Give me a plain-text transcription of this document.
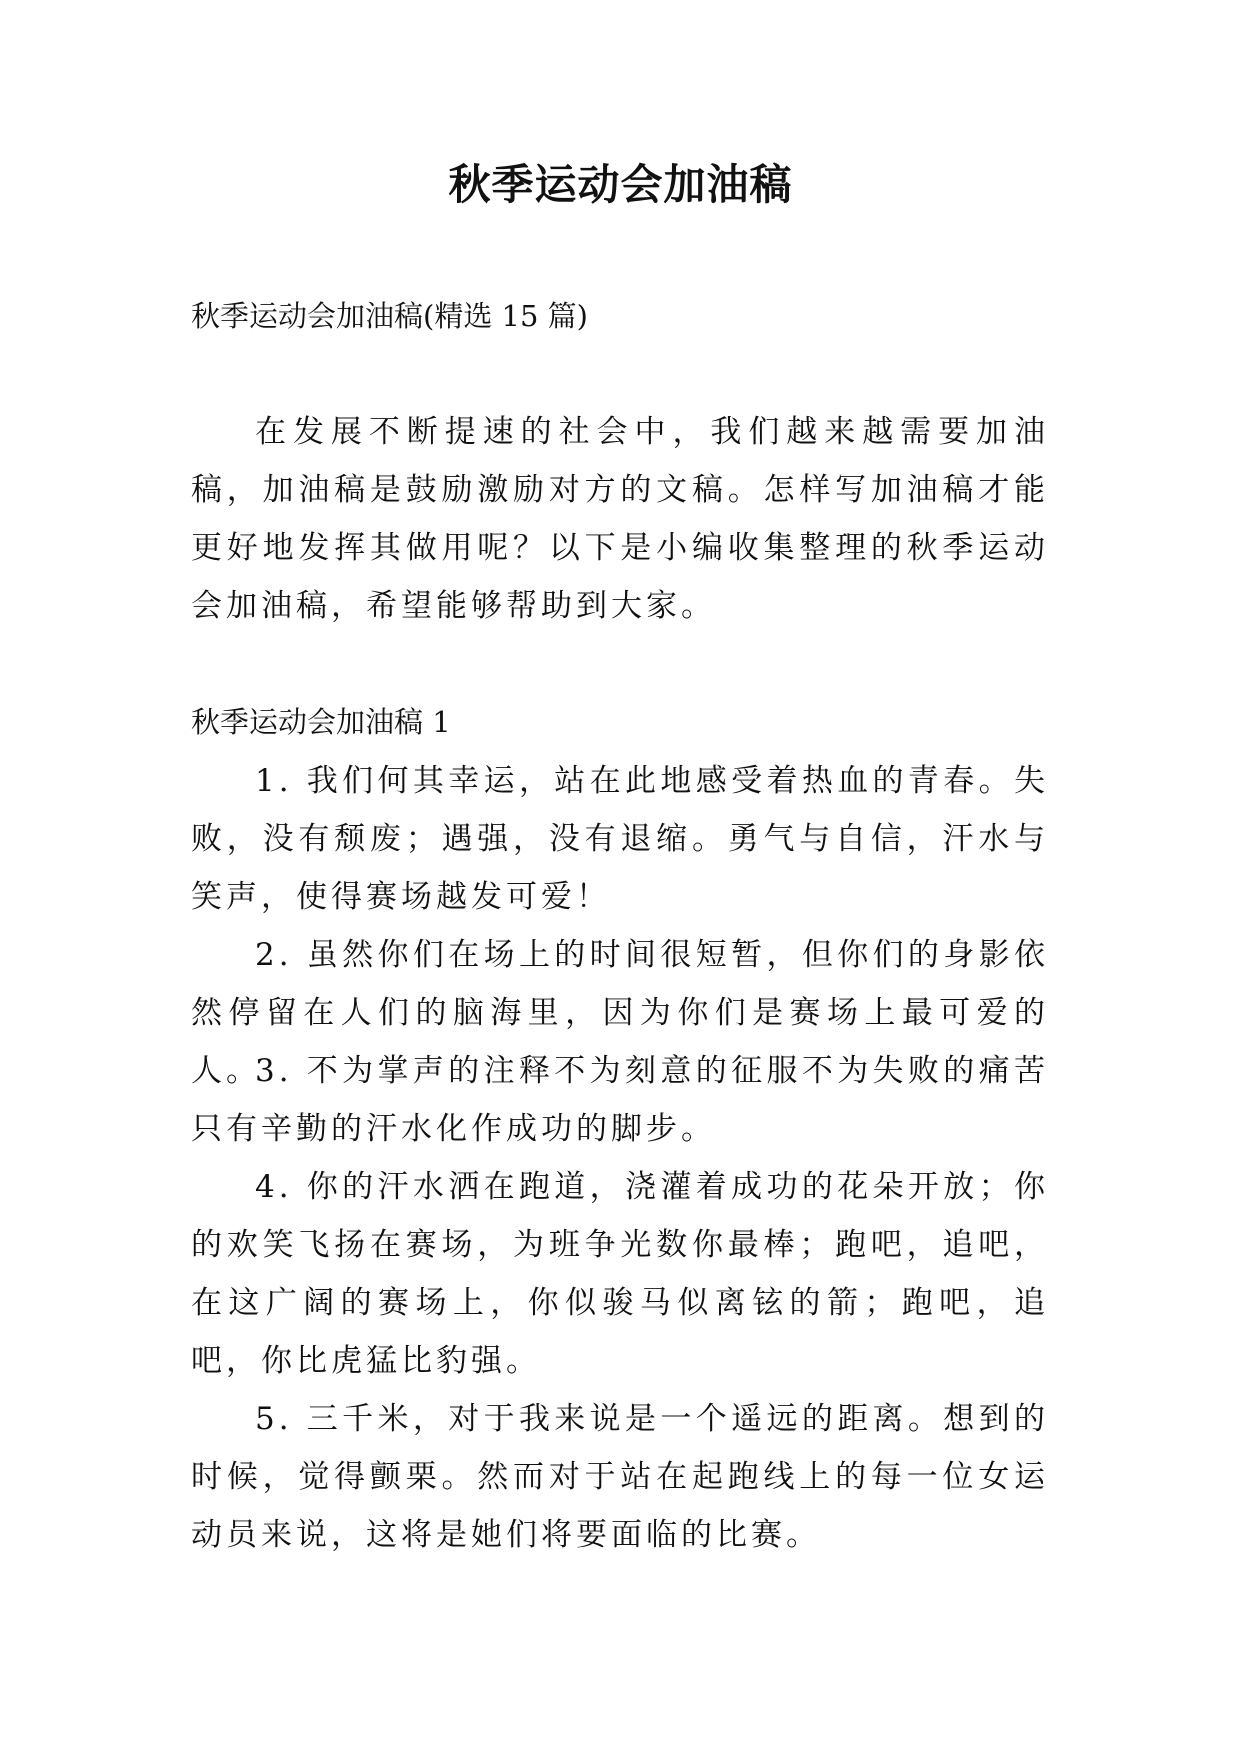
秋季运动会加油稿
秋季运动会加油稿(精选 15 篇)

在发展不断提速的社会中，我们越来越需要加油稿，加油稿是鼓励激励对方的文稿。怎样写加油稿才能更好地发挥其做用呢？以下是小编收集整理的秋季运动会加油稿，希望能够帮助到大家。

秋季运动会加油稿 1

1. 我们何其幸运，站在此地感受着热血的青春。失败，没有颓废；遇强，没有退缩。勇气与自信，汗水与笑声，使得赛场越发可爱！

2. 虽然你们在场上的时间很短暂，但你们的身影依然停留在人们的脑海里，因为你们是赛场上最可爱的人。

3. 不为掌声的注释不为刻意的征服不为失败的痛苦只有辛勤的汗水化作成功的脚步。

4. 你的汗水洒在跑道，浇灌着成功的花朵开放；你的欢笑飞扬在赛场，为班争光数你最棒；跑吧，追吧，在这广阔的赛场上，你似骏马似离铉的箭；跑吧，追吧，你比虎猛比豹强。

5. 三千米，对于我来说是一个遥远的距离。想到的时候，觉得颤栗。然而对于站在起跑线上的每一位女运动员来说，这将是她们将要面临的比赛。
